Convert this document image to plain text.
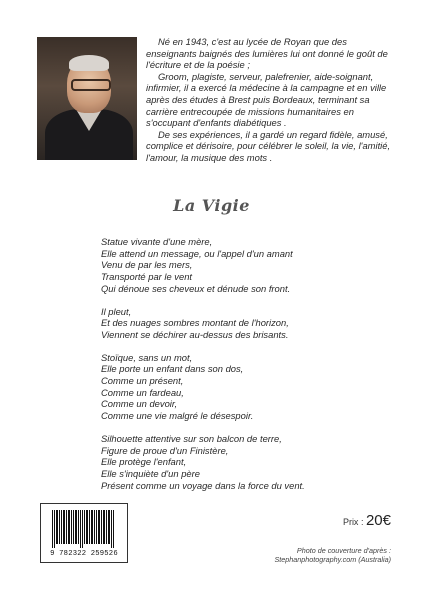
Né en 1943, c'est au lycée de Royan que des enseignants baignés des lumières lui ont donné le goût de l'écriture et de la poésie ;

Groom, plagiste, serveur, palefrenier, aide-soignant, infirmier, il a exercé la médecine à la campagne et en ville après des études à Brest puis Bordeaux, terminant sa carrière entrecoupée de missions humanitaires en s'occupant d'enfants diabétiques .

De ses expériences, il a gardé un regard fidèle, amusé, complice et dérisoire, pour célébrer le soleil, la vie, l'amitié, l'amour, la musique des mots .

La Vigie
Statue vivante d'une mère,
Elle attend un message, ou l'appel d'un amant
Venu de par les mers,
Transporté par le vent
Qui dénoue ses cheveux et dénude son front.
Il pleut,
Et des nuages sombres montant de l'horizon,
Viennent se déchirer au-dessus des brisants.
Stoïque, sans un mot,
Elle porte un enfant dans son dos,
Comme un présent,
Comme un fardeau,
Comme un devoir,
Comme une vie malgré le désespoir.
Silhouette attentive sur son balcon de terre,
Figure de proue d'un Finistère,
Elle protège l'enfant,
Elle s'inquiète d'un père
Présent comme un voyage dans la force du vent.
9 782322 259526
Prix : 20€
Photo de couverture d'après :
Stephanphotography.com (Australia)
